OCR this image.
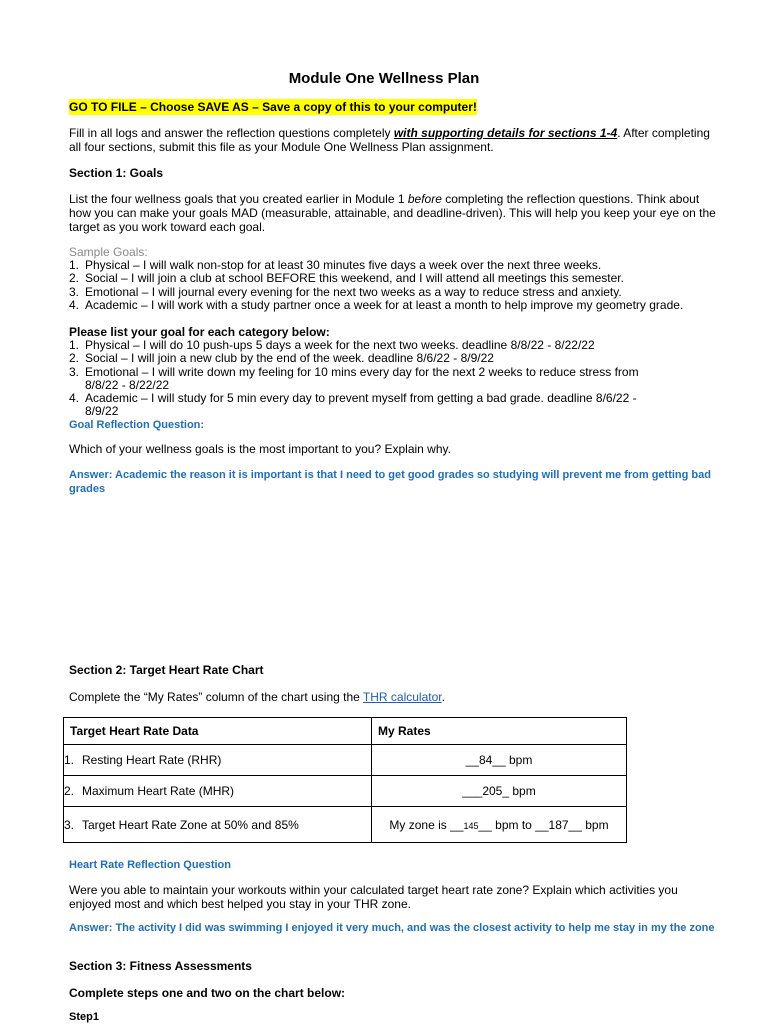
Module One Wellness Plan

GO TO FILE – Choose SAVE AS – Save a copy of this to your computer!

Fill in all logs and answer the reflection questions completely with supporting details for sections 1-4. After completing
all four sections, submit this file as your Module One Wellness Plan assignment.

Section 1: Goals

List the four wellness goals that you created earlier in Module 1 before completing the reflection questions. Think about
how you can make your goals MAD (measurable, attainable, and deadline-driven). This will help you keep your eye on the
target as you work toward each goal.

Sample Goals:

1. Physical – I will walk non-stop for at least 30 minutes five days a week over the next three weeks.
2. Social – I will join a club at school BEFORE this weekend, and I will attend all meetings this semester.
3. Emotional – I will journal every evening for the next two weeks as a way to reduce stress and anxiety.
4. Academic – I will work with a study partner once a week for at least a month to help improve my geometry grade.

Please list your goal for each category below:

1. Physical – I will do 10 push-ups 5 days a week for the next two weeks. deadline 8/8/22 - 8/22/22
2. Social – I will join a new club by the end of the week. deadline 8/6/22 - 8/9/22
3. Emotional – I will write down my feeling for 10 mins every day for the next 2 weeks to reduce stress from 8/8/22 - 8/22/22
4. Academic – I will study for 5 min every day to prevent myself from getting a bad grade. deadline 8/6/22 - 8/9/22

Goal Reflection Question:

Which of your wellness goals is the most important to you? Explain why.

Answer: Academic the reason it is important is that I need to get good grades so studying will prevent me from getting bad
grades

Section 2: Target Heart Rate Chart

Complete the “My Rates” column of the chart using the THR calculator.

Target Heart Rate Data	My Rates
1. Resting Heart Rate (RHR)	__84__ bpm
2. Maximum Heart Rate (MHR)	___205_ bpm
3. Target Heart Rate Zone at 50% and 85%	My zone is __145__ bpm to __187__ bpm

Heart Rate Reflection Question

Were you able to maintain your workouts within your calculated target heart rate zone? Explain which activities you
enjoyed most and which best helped you stay in your THR zone.

Answer: The activity I did was swimming I enjoyed it very much, and was the closest activity to help me stay in my the zone

Section 3: Fitness Assessments

Complete steps one and two on the chart below:

Step1
